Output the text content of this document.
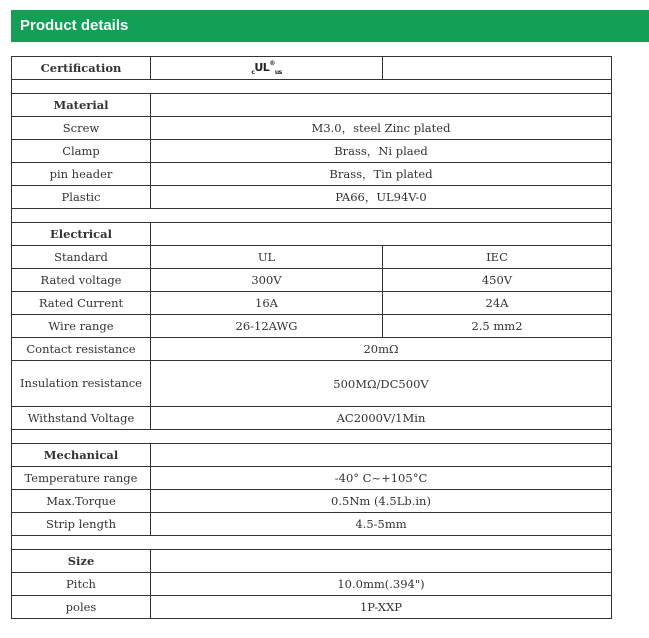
Product details
Certification	$_cUL®_{us}$	

Material		
Screw	M3.0，steel Zinc plated	
Clamp	Brass，Ni plaed	
pin header	Brass，Tin plated	
Plastic	PA66，UL94V-0	

Electrical		
Standard	UL	IEC
Rated voltage	300V	450V
Rated Current	16A	24A
Wire range	26-12AWG	2.5 mm2
Contact resistance	20mΩ	
Insulation resistance	500MΩ/DC500V	
Withstand Voltage	AC2000V/1Min	

Mechanical		
Temperature range	-40° C~+105°C	
Max.Torque	0.5Nm (4.5Lb.in)	
Strip length	4.5-5mm	

Size		
Pitch	10.0mm(.394")	
poles	1P-XXP	
